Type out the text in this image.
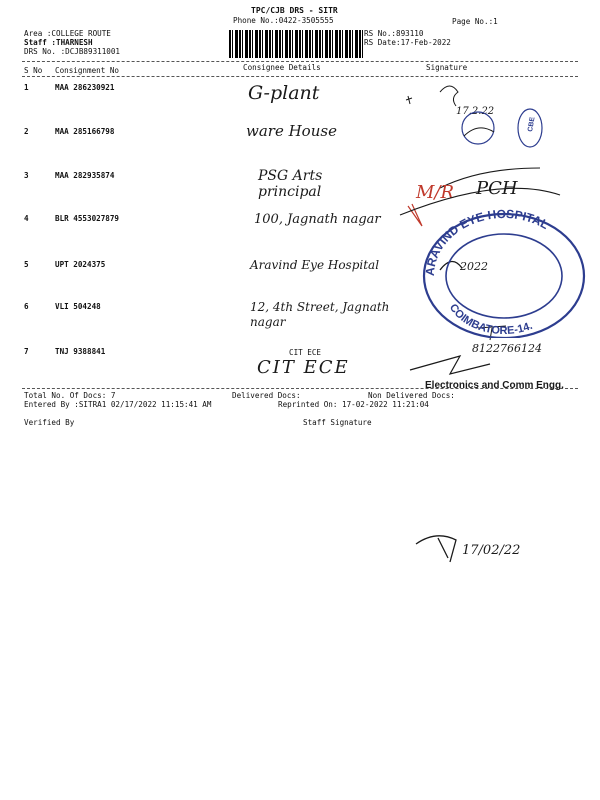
TPC/CJB DRS - SITR
Phone No.:0422-3505555	Page No.:1
Area :COLLEGE ROUTE
Staff :THARNESH
DRS No. :DCJB89311001
RS No.:893110
RS Date:17-Feb-2022
S No Consignment No	Consignee Details	Signature
1	MAA 286230921	G-plant
2	MAA 285166798	ware House
3	MAA 282935874	PSG Arts principal
4	BLR 4553027879	100, Jagnath nagar
5	UPT 2024375	Aravind Eye Hospital
6	VLI 504248	12, 4th Street, Jagnath nagar
7	TNJ 9388841	CIT ECE
CIT ECE
17.2.22
CBE
M/R PCH
2022
8122766124
ARAVIND EYE HOSPITAL
COIMBATORE-14.
Electronics and Comm Engg.
Total No. Of Docs: 7	Delivered Docs:	Non Delivered Docs:
Entered By :SITRA1 02/17/2022 11:15:41 AM	Reprinted On: 17-02-2022 11:21:04
Verified By	Staff Signature
17/02/22
